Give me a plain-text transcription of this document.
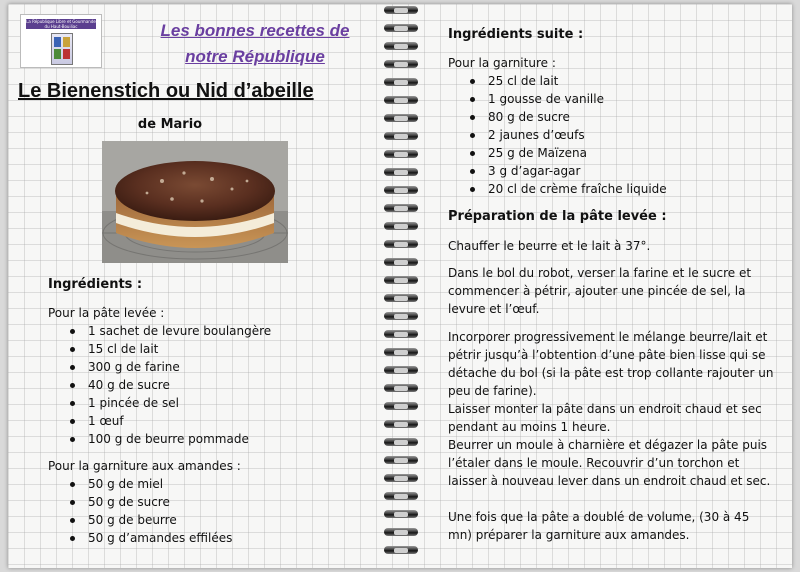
La République Libre et Gourmande du Haut-Bouiliac	Les bonnes recettes de notre République
Le Bienenstich ou Nid d’abeille
de Mario
Ingrédients :
Pour la pâte levée :
1 sachet de levure boulangère
15 cl de lait
300 g de farine
40 g de sucre
1 pincée de sel
1 œuf
100 g de beurre pommade
Pour la garniture aux amandes :
50 g de miel
50 g de sucre
50 g de beurre
50 g d’amandes effilées
Ingrédients suite :
Pour la garniture :
25 cl de lait
1 gousse de vanille
80 g de sucre
2 jaunes d’œufs
25 g de Maïzena
3 g d’agar-agar
20 cl de crème fraîche liquide
Préparation de la pâte levée :

Chauffer le beurre et le lait à 37°.

Dans le bol du robot, verser la farine et le sucre et commencer à pétrir, ajouter une pincée de sel, la levure et l’œuf.

Incorporer progressivement le mélange beurre/lait et pétrir jusqu’à l’obtention d’une pâte bien lisse qui se détache du bol (si la pâte est trop collante rajouter un peu de farine).

Laisser monter la pâte dans un endroit chaud et sec pendant au moins 1 heure.

Beurrer un moule à charnière et dégazer la pâte puis l’étaler dans le moule. Recouvrir d’un torchon et laisser à nouveau lever dans un endroit chaud et sec.

Une fois que la pâte a doublé de volume, (30 à 45 mn) préparer la garniture aux amandes.
